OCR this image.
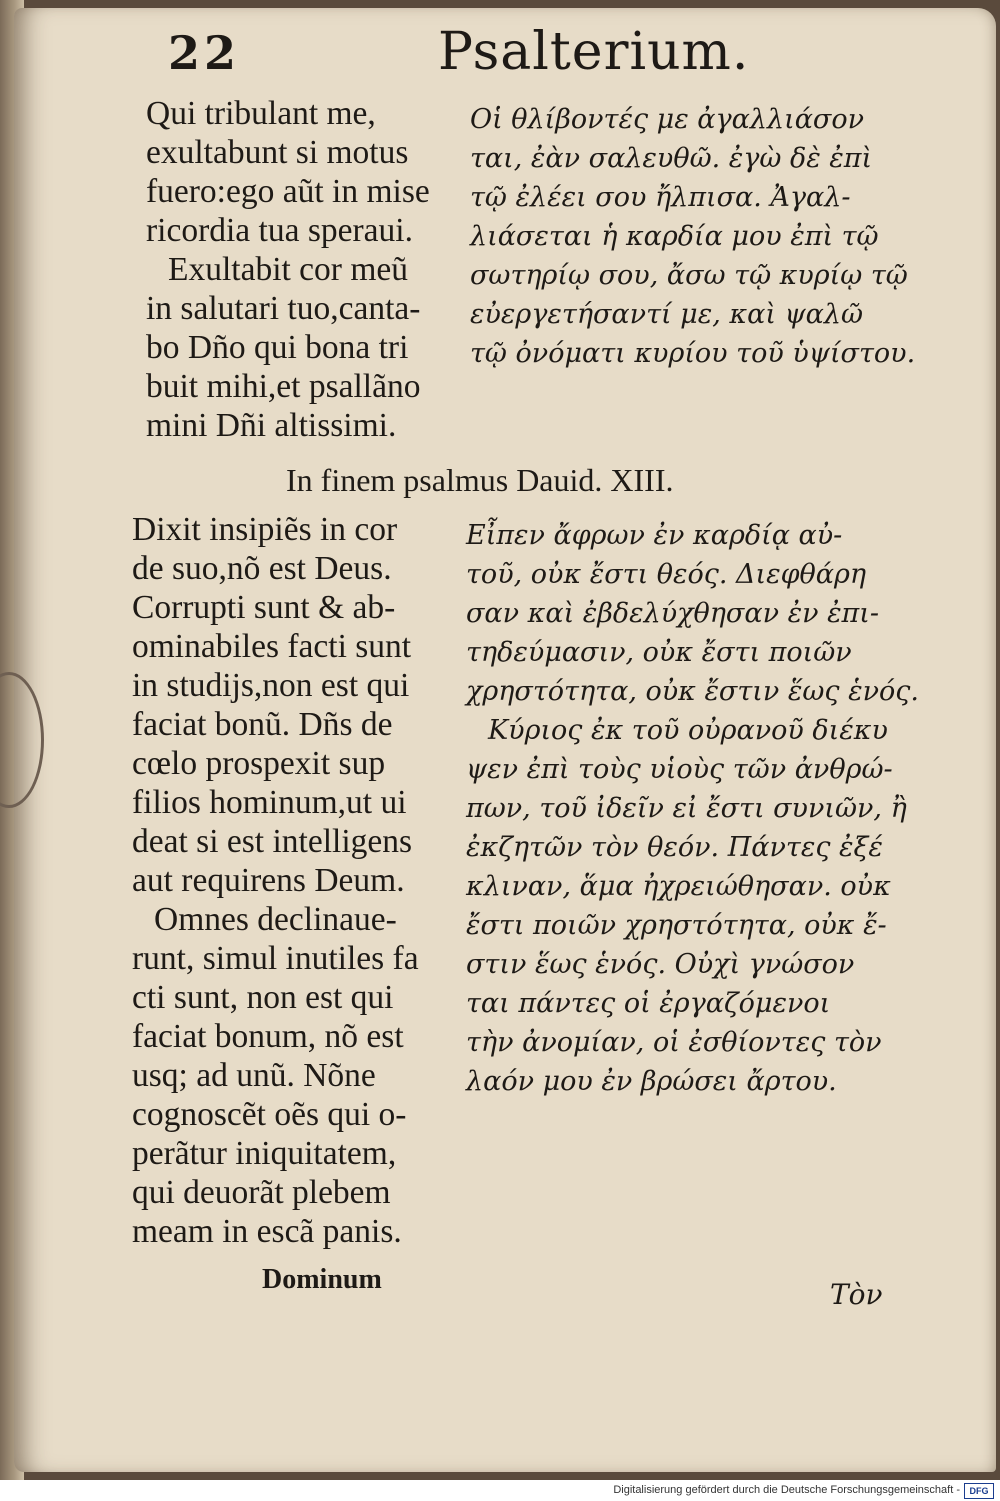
22	Psalterium.
Qui tribulant me,
exultabunt si motus
fuero:ego aũt in mise
ricordia tua speraui.
Exultabit cor meũ
in salutari tuo,canta-
bo Dño qui bona tri
buit mihi,et psallãno
mini Dñi altissimi.
Οἱ θλίβοντές με ἀγαλλιάσον
ται, ἐὰν σαλευθῶ. ἐγὼ δὲ ἐπὶ
τῷ ἐλέει σου ἤλπισα. Ἀγαλ-
λιάσεται ἡ καρδία μου ἐπὶ τῷ
σωτηρίῳ σου, ἄσω τῷ κυρίῳ τῷ
εὐεργετήσαντί με, καὶ ψαλῶ
τῷ ὀνόματι κυρίου τοῦ ὑψίστου.
In finem psalmus Dauid. XIII.
Dixit insipiẽs in cor
de suo,nõ est Deus.
Corrupti sunt & ab-
ominabiles facti sunt
in studijs,non est qui
faciat bonũ. Dñs de
cœlo prospexit sup
filios hominum,ut ui
deat si est intelligens
aut requirens Deum.
Omnes declinaue-
runt, simul inutiles fa
cti sunt, non est qui
faciat bonum, nõ est
usq; ad unũ. Nõne
cognoscẽt oẽs qui o-
perãtur iniquitatem,
qui deuorãt plebem
meam in escã panis.
Εἶπεν ἄφρων ἐν καρδίᾳ αὐ-
τοῦ, οὐκ ἔστι θεός. Διεφθάρη
σαν καὶ ἐβδελύχθησαν ἐν ἐπι-
τηδεύμασιν, οὐκ ἔστι ποιῶν
χρηστότητα, οὐκ ἔστιν ἕως ἑνός.
Κύριος ἐκ τοῦ οὐρανοῦ διέκυ
ψεν ἐπὶ τοὺς υἱοὺς τῶν ἀνθρώ-
πων, τοῦ ἰδεῖν εἰ ἔστι συνιῶν, ἢ
ἐκζητῶν τὸν θεόν. Πάντες ἐξέ
κλιναν, ἅμα ἠχρειώθησαν. οὐκ
ἔστι ποιῶν χρηστότητα, οὐκ ἔ-
στιν ἕως ἑνός. Οὐχὶ γνώσον
ται πάντες οἱ ἐργαζόμενοι
τὴν ἀνομίαν, οἱ ἐσθίοντες τὸν
λαόν μου ἐν βρώσει ἄρτου.
Dominum	Τὸν
Digitalisierung gefördert durch die Deutsche Forschungsgemeinschaft -	DFG
